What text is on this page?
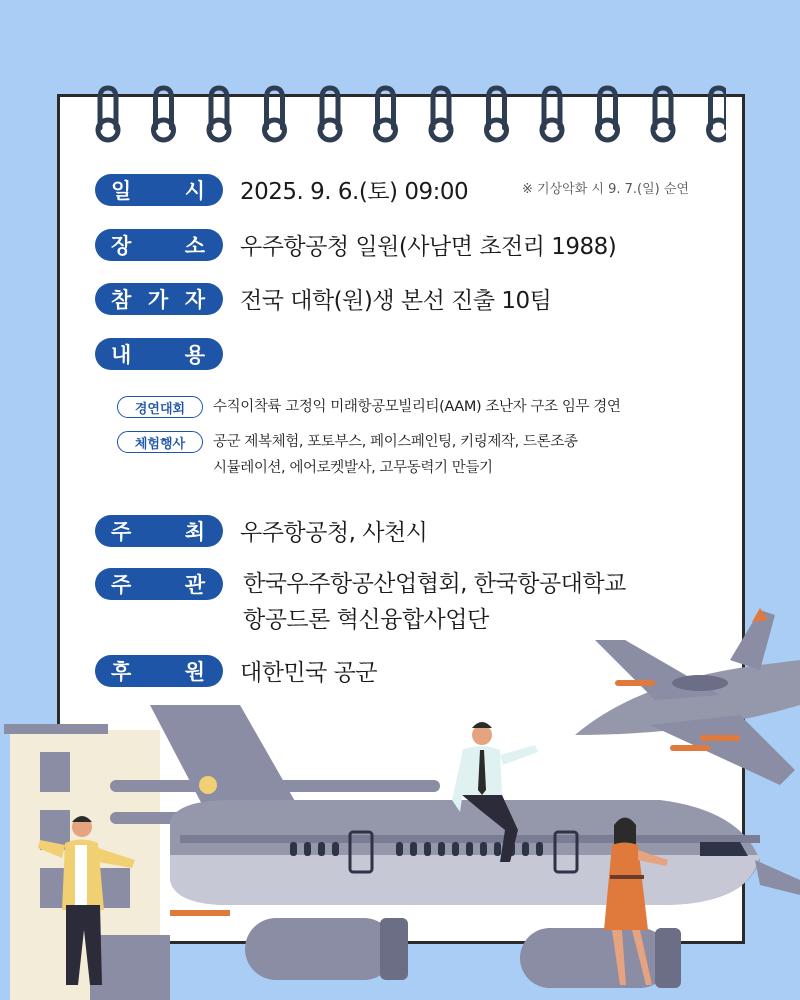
일 시 2025. 9. 6.(토) 09:00	※ 기상악화 시 9. 7.(일) 순연
장 소 우주항공청 일원(사남면 초전리 1988)
참 가 자 전국 대학(원)생 본선 진출 10팀
내 용
경연대회	수직이착륙 고정익 미래항공모빌리티(AAM) 조난자 구조 임무 경연
체험행사	공군 제복체험, 포토부스, 페이스페인팅, 키링제작, 드론조종
시뮬레이션, 에어로켓발사, 고무동력기 만들기
주 최 우주항공청, 사천시
주 관 한국우주항공산업협회, 한국항공대학교
항공드론 혁신융합사업단
후 원 대한민국 공군
